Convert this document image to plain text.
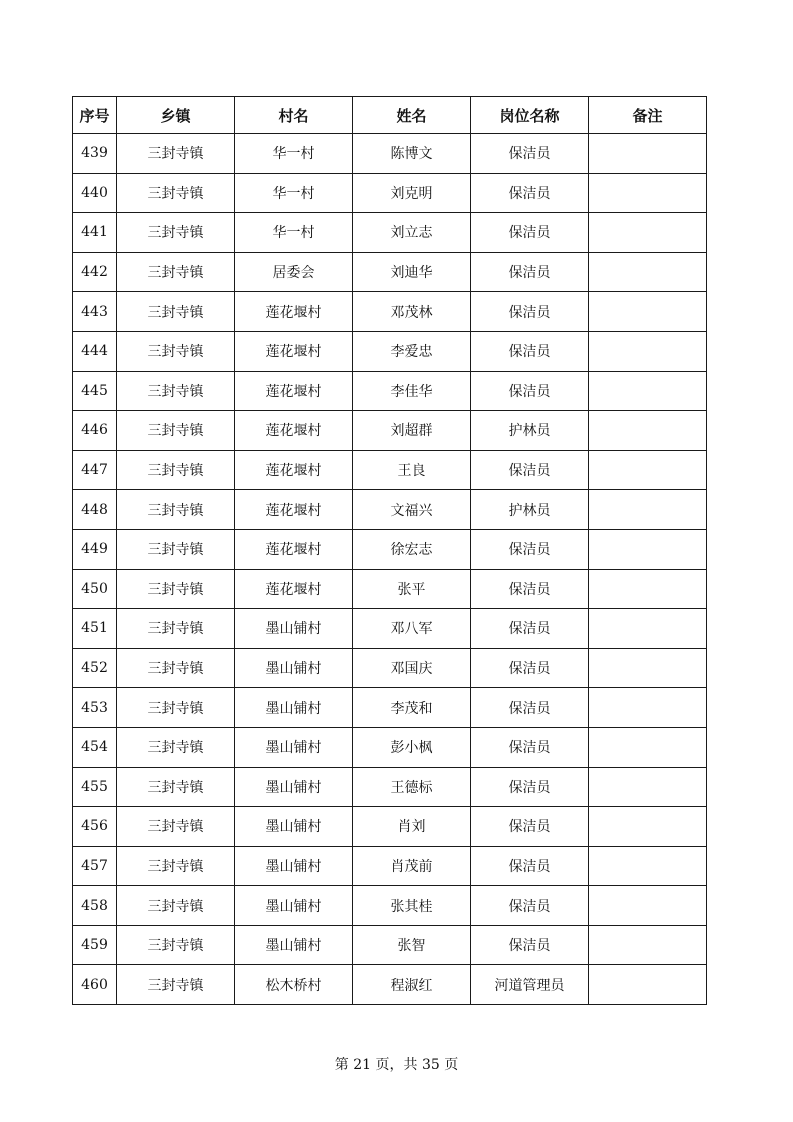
序号	乡镇	村名	姓名	岗位名称	备注
439	三封寺镇	华一村	陈博文	保洁员	
440	三封寺镇	华一村	刘克明	保洁员	
441	三封寺镇	华一村	刘立志	保洁员	
442	三封寺镇	居委会	刘迪华	保洁员	
443	三封寺镇	莲花堰村	邓茂林	保洁员	
444	三封寺镇	莲花堰村	李爱忠	保洁员	
445	三封寺镇	莲花堰村	李佳华	保洁员	
446	三封寺镇	莲花堰村	刘超群	护林员	
447	三封寺镇	莲花堰村	王良	保洁员	
448	三封寺镇	莲花堰村	文福兴	护林员	
449	三封寺镇	莲花堰村	徐宏志	保洁员	
450	三封寺镇	莲花堰村	张平	保洁员	
451	三封寺镇	墨山铺村	邓八军	保洁员	
452	三封寺镇	墨山铺村	邓国庆	保洁员	
453	三封寺镇	墨山铺村	李茂和	保洁员	
454	三封寺镇	墨山铺村	彭小枫	保洁员	
455	三封寺镇	墨山铺村	王德标	保洁员	
456	三封寺镇	墨山铺村	肖刘	保洁员	
457	三封寺镇	墨山铺村	肖茂前	保洁员	
458	三封寺镇	墨山铺村	张其桂	保洁员	
459	三封寺镇	墨山铺村	张智	保洁员	
460	三封寺镇	松木桥村	程淑红	河道管理员	
第 21 页，共 35 页
